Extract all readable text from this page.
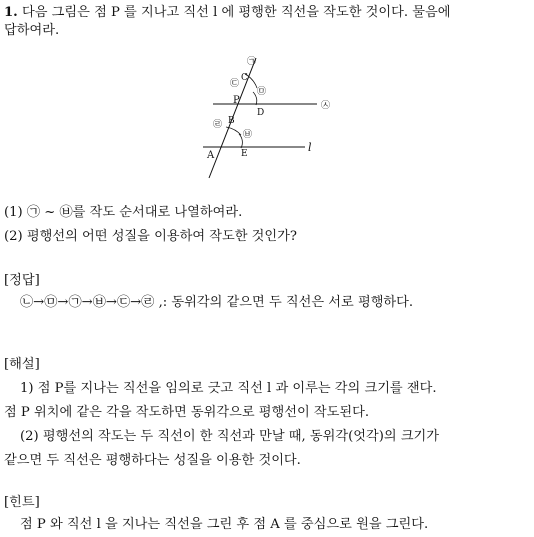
1. 다음 그림은 점 P 를 지나고 직선 l 에 평행한 직선을 작도한 것이다. 물음에
답하여라.
P
A
B
C
D
E	l
㉠
㉢
㉤
㉦
㉣
㉥
(1) ㉠ ~ ㉥를 작도 순서대로 나열하여라.
(2) 평행선의 어떤 성질을 이용하여 작도한 것인가?
[정답]
㉡→㉤→㉠→㉥→㉢→㉣ ,: 동위각의 같으면 두 직선은 서로 평행하다.
[해설]
1) 점 P를 지나는 직선을 임의로 긋고 직선 l 과 이루는 각의 크기를 잰다.
점 P 위치에 같은 각을 작도하면 동위각으로 평행선이 작도된다.
(2) 평행선의 작도는 두 직선이 한 직선과 만날 때, 동위각(엇각)의 크기가
같으면 두 직선은 평행하다는 성질을 이용한 것이다.
[힌트]
점 P 와 직선 l 을 지나는 직선을 그린 후 점 A 를 중심으로 원을 그린다.
